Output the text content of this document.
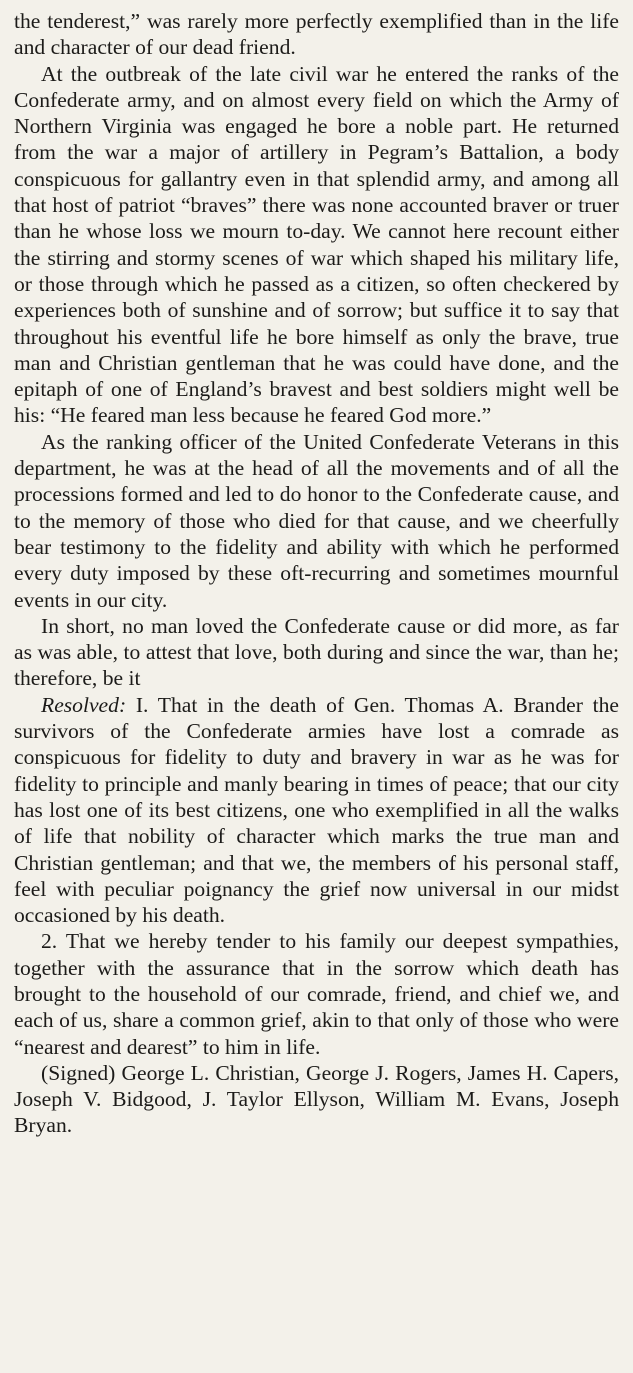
the tenderest,” was rarely more perfectly exemplified than in the life and character of our dead friend.

At the outbreak of the late civil war he entered the ranks of the Confederate army, and on almost every field on which the Army of Northern Virginia was engaged he bore a noble part. He returned from the war a major of artillery in Pegram’s Battalion, a body conspicuous for gallantry even in that splendid army, and among all that host of patriot “braves” there was none accounted braver or truer than he whose loss we mourn to-day. We cannot here recount either the stirring and stormy scenes of war which shaped his military life, or those through which he passed as a citizen, so often checkered by experiences both of sunshine and of sorrow; but suffice it to say that throughout his eventful life he bore himself as only the brave, true man and Christian gentleman that he was could have done, and the epitaph of one of England’s bravest and best soldiers might well be his: “He feared man less because he feared God more.”

As the ranking officer of the United Confederate Veterans in this department, he was at the head of all the movements and of all the processions formed and led to do honor to the Confederate cause, and to the memory of those who died for that cause, and we cheerfully bear testimony to the fidelity and ability with which he performed every duty imposed by these oft-recurring and sometimes mournful events in our city.

In short, no man loved the Confederate cause or did more, as far as was able, to attest that love, both during and since the war, than he; therefore, be it

Resolved: I. That in the death of Gen. Thomas A. Brander the survivors of the Confederate armies have lost a comrade as conspicuous for fidelity to duty and bravery in war as he was for fidelity to principle and manly bearing in times of peace; that our city has lost one of its best citizens, one who exemplified in all the walks of life that nobility of character which marks the true man and Christian gentleman; and that we, the members of his personal staff, feel with peculiar poignancy the grief now universal in our midst occasioned by his death.

2. That we hereby tender to his family our deepest sympathies, together with the assurance that in the sorrow which death has brought to the household of our comrade, friend, and chief we, and each of us, share a common grief, akin to that only of those who were “nearest and dearest” to him in life.

(Signed) George L. Christian, George J. Rogers, James H. Capers, Joseph V. Bidgood, J. Taylor Ellyson, William M. Evans, Joseph Bryan.
